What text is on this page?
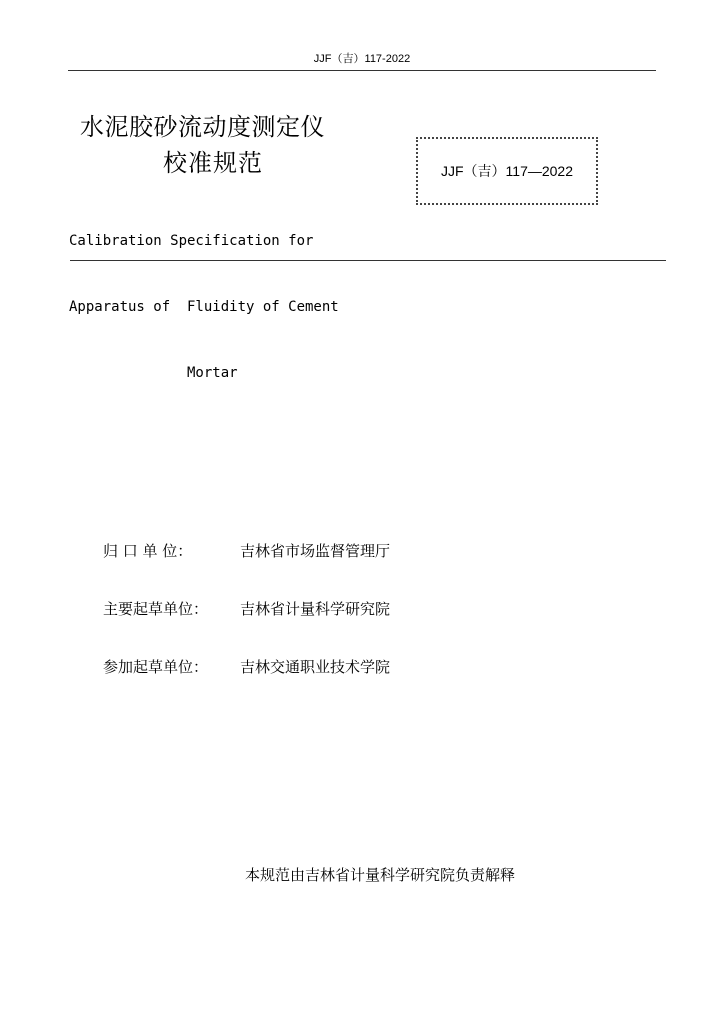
JJF（吉）117-2022
水泥胶砂流动度测定仪
校准规范	JJF（吉）117—2022

Calibration Specification for

Apparatus of  Fluidity of Cement

Mortar

归 口 单 位：	吉林省市场监督管理厅
主要起草单位：	吉林省计量科学研究院
参加起草单位：	吉林交通职业技术学院
本规范由吉林省计量科学研究院负责解释
